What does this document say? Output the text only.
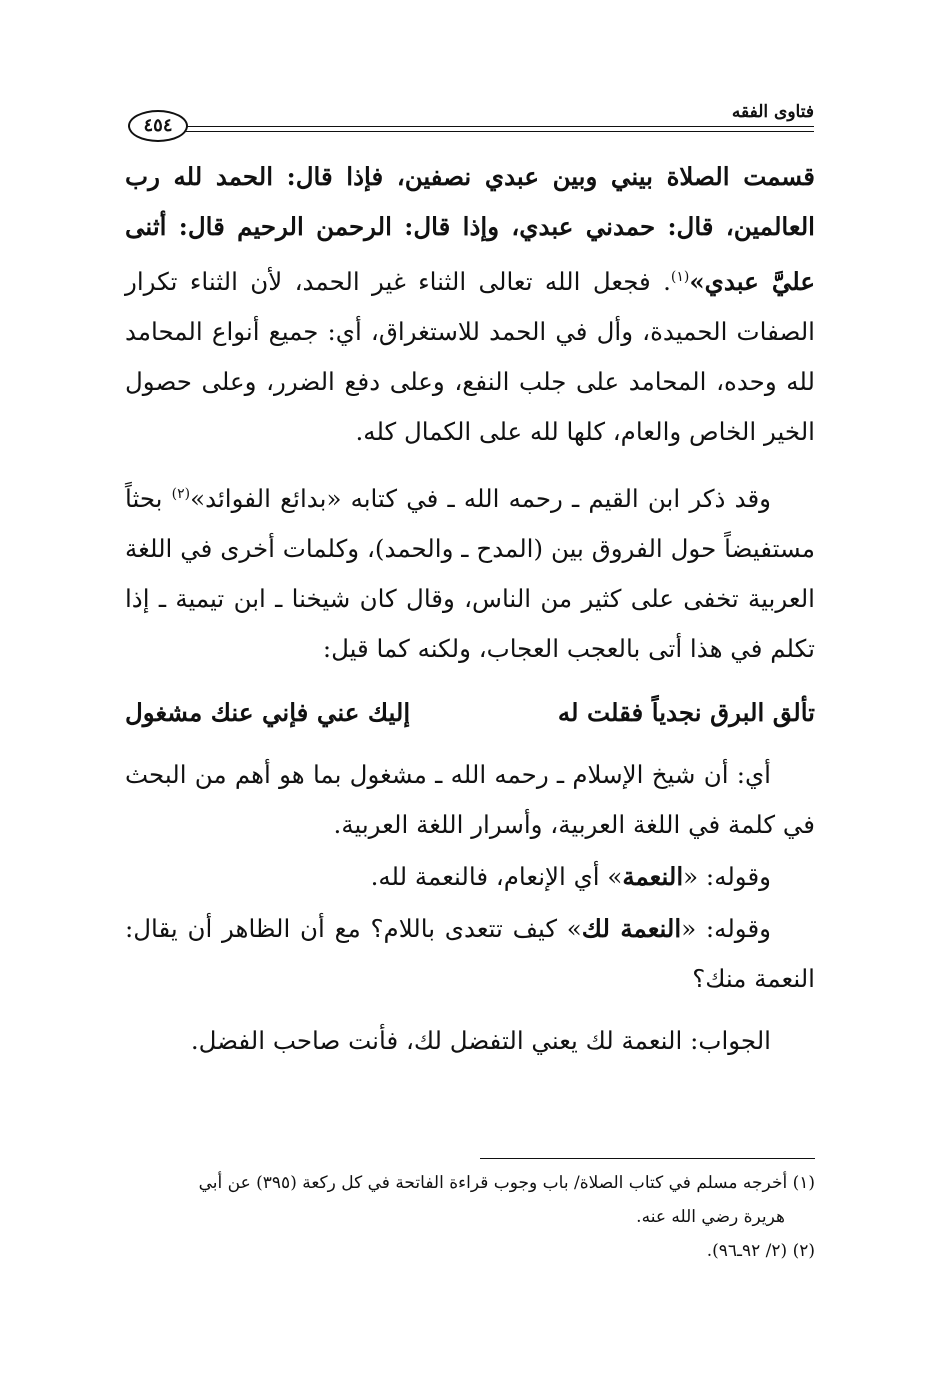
فتاوى الفقه
٤٥٤

قسمت الصلاة بيني وبين عبدي نصفين، فإذا قال: الحمد لله رب العالمين، قال: حمدني عبدي، وإذا قال: الرحمن الرحيم قال: أثنى عليَّ عبدي»$^{(١)}$. فجعل الله تعالى الثناء غير الحمد، لأن الثناء تكرار الصفات الحميدة، وأل في الحمد للاستغراق، أي: جميع أنواع المحامد لله وحده، المحامد على جلب النفع، وعلى دفع الضرر، وعلى حصول الخير الخاص والعام، كلها لله على الكمال كله.

وقد ذكر ابن القيم ـ رحمه الله ـ في كتابه «بدائع الفوائد»$^{(٢)}$ بحثاً مستفيضاً حول الفروق بين (المدح ـ والحمد)، وكلمات أخرى في اللغة العربية تخفى على كثير من الناس، وقال كان شيخنا ـ ابن تيمية ـ إذا تكلم في هذا أتى بالعجب العجاب، ولكنه كما قيل:

تألق البرق نجدياً فقلت له
إليك عني فإني عنك مشغول

أي: أن شيخ الإسلام ـ رحمه الله ـ مشغول بما هو أهم من البحث في كلمة في اللغة العربية، وأسرار اللغة العربية.

وقوله: «النعمة» أي الإنعام، فالنعمة لله.

وقوله: «النعمة لك» كيف تتعدى باللام؟ مع أن الظاهر أن يقال: النعمة منك؟

الجواب: النعمة لك يعني التفضل لك، فأنت صاحب الفضل.

(١) أخرجه مسلم في كتاب الصلاة/ باب وجوب قراءة الفاتحة في كل ركعة (٣٩٥) عن أبي

هريرة رضي الله عنه.

(٢) (٢/ ٩٢ـ٩٦).
